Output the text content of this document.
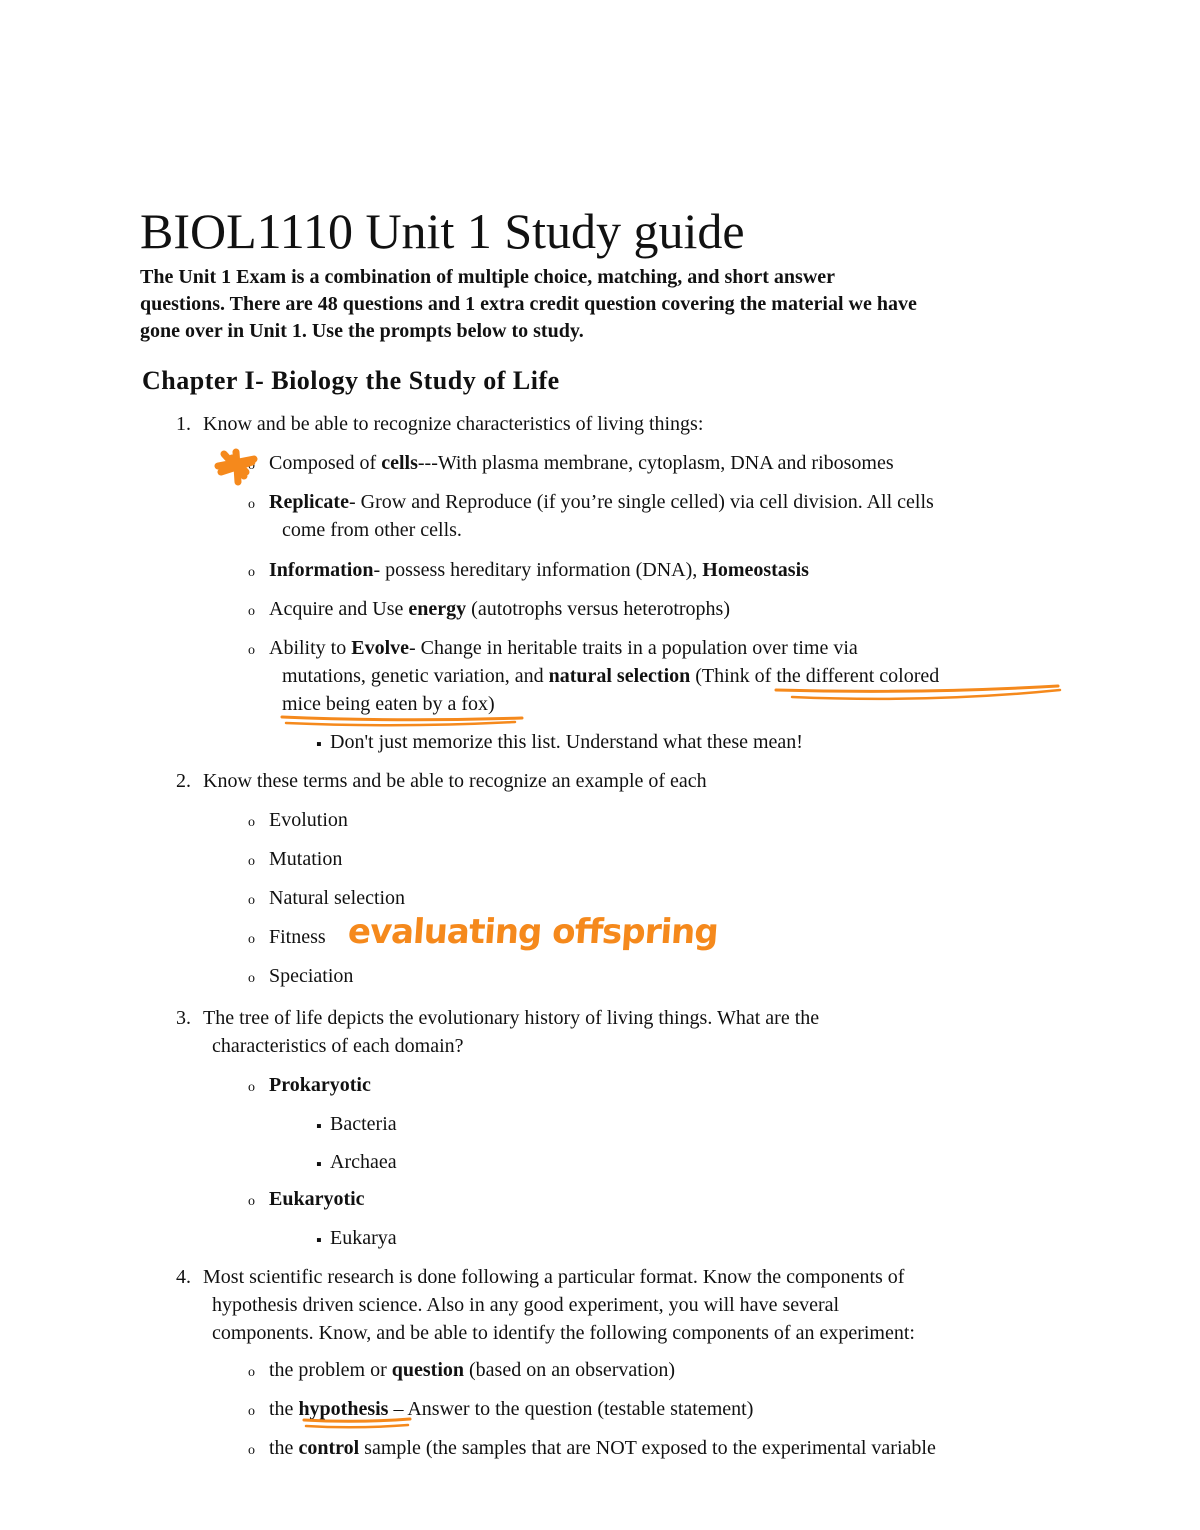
BIOL1110 Unit 1 Study guide
The Unit 1 Exam is a combination of multiple choice, matching, and short answer
questions. There are 48 questions and 1 extra credit question covering the material we have
gone over in Unit 1. Use the prompts below to study.
Chapter I- Biology the Study of Life
1. Know and be able to recognize characteristics of living things:
o Composed of cells---With plasma membrane, cytoplasm, DNA and ribosomes
o Replicate- Grow and Reproduce (if you’re single celled) via cell division. All cells
come from other cells.
o Information- possess hereditary information (DNA), Homeostasis
o Acquire and Use energy (autotrophs versus heterotrophs)
o Ability to Evolve- Change in heritable traits in a population over time via
mutations, genetic variation, and natural selection (Think of the different colored
mice being eaten by a fox)
▪ Don't just memorize this list. Understand what these mean!
2. Know these terms and be able to recognize an example of each
o Evolution
o Mutation
o Natural selection
o Fitness
o Speciation
3. The tree of life depicts the evolutionary history of living things. What are the
characteristics of each domain?
o Prokaryotic
▪ Bacteria
▪ Archaea
o Eukaryotic
▪ Eukarya
4. Most scientific research is done following a particular format. Know the components of
hypothesis driven science. Also in any good experiment, you will have several
components. Know, and be able to identify the following components of an experiment:
o the problem or question (based on an observation)
o the hypothesis – Answer to the question (testable statement)
o the control sample (the samples that are NOT exposed to the experimental variable
evaluating offspring
